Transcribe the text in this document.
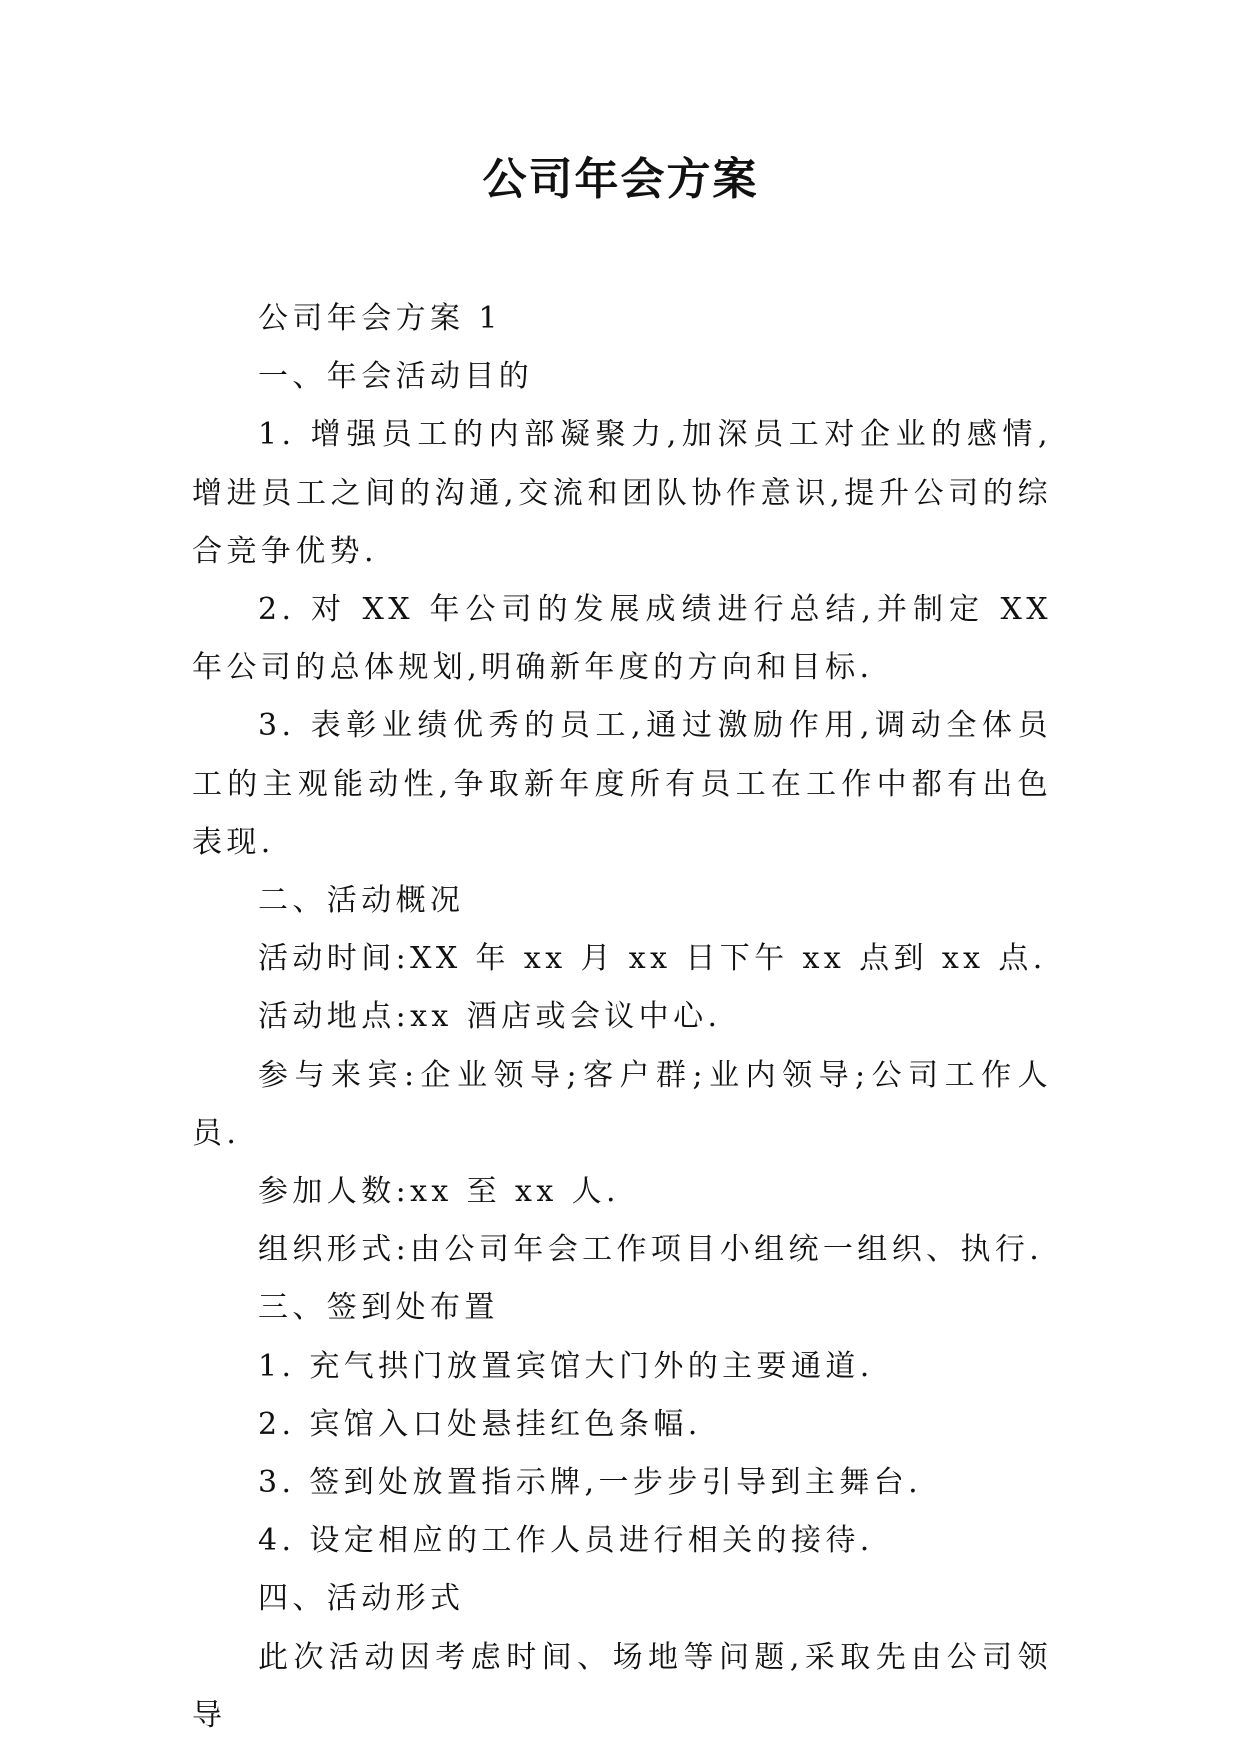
公司年会方案

公司年会方案 1

一、年会活动目的

1. 增强员工的内部凝聚力,加深员工对企业的感情,增进员工之间的沟通,交流和团队协作意识,提升公司的综合竞争优势.

2. 对 XX 年公司的发展成绩进行总结,并制定 XX 年公司的总体规划,明确新年度的方向和目标.

3. 表彰业绩优秀的员工,通过激励作用,调动全体员工的主观能动性,争取新年度所有员工在工作中都有出色表现.

二、活动概况

活动时间:XX 年 xx 月 xx 日下午 xx 点到 xx 点.

活动地点:xx 酒店或会议中心.

参与来宾:企业领导;客户群;业内领导;公司工作人员.

参加人数:xx 至 xx 人.

组织形式:由公司年会工作项目小组统一组织、执行.

三、签到处布置

1. 充气拱门放置宾馆大门外的主要通道.

2. 宾馆入口处悬挂红色条幅.

3. 签到处放置指示牌,一步步引导到主舞台.

4. 设定相应的工作人员进行相关的接待.

四、活动形式

此次活动因考虑时间、场地等问题,采取先由公司领导
